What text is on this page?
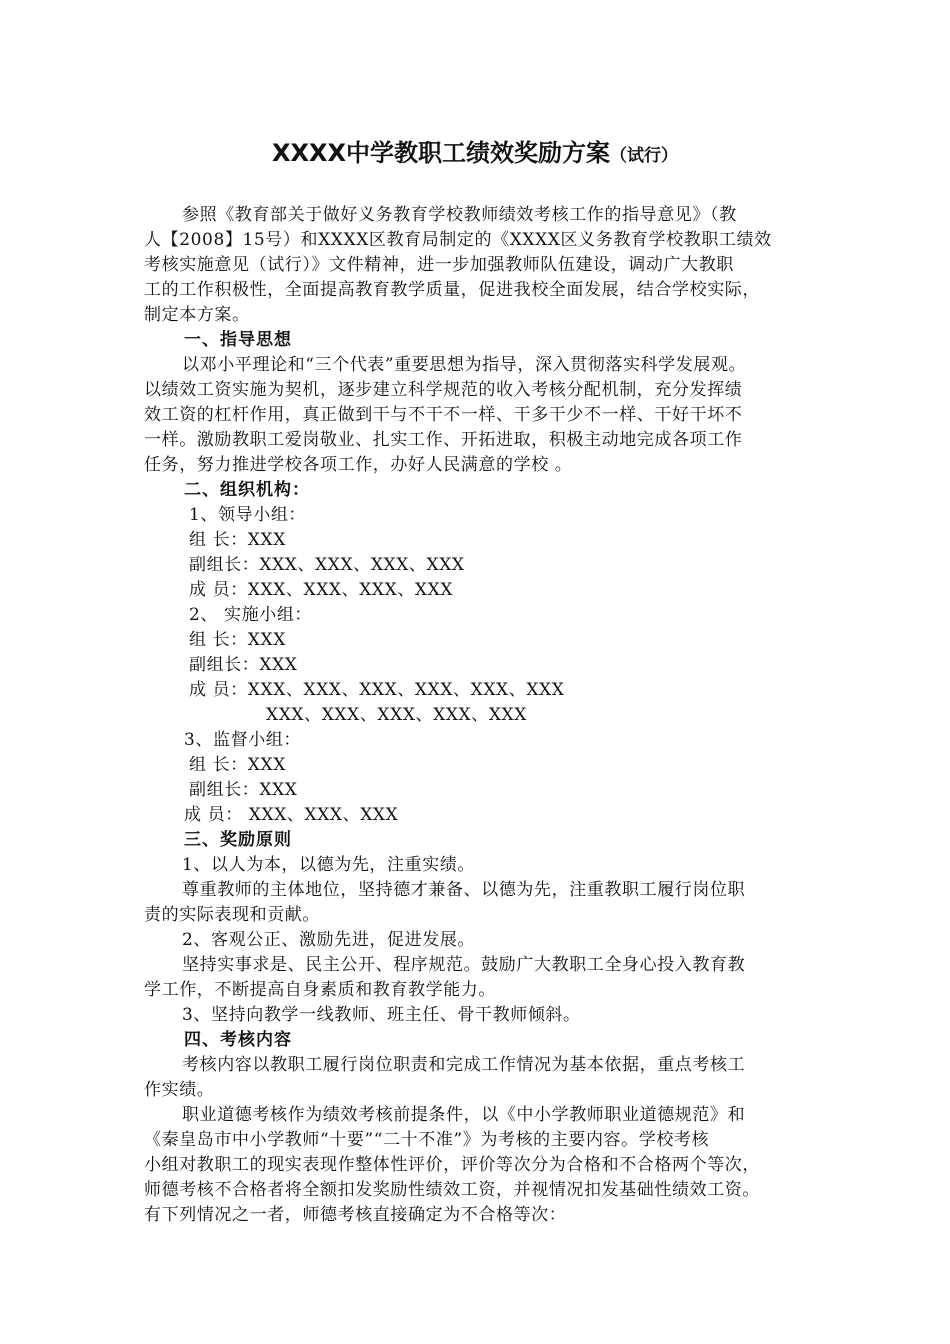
XXXX中学教职工绩效奖励方案（试行）
参照《教育部关于做好义务教育学校教师绩效考核工作的指导意见》（教
人【2008】15号）和XXXX区教育局制定的《XXXX区义务教育学校教职工绩效
考核实施意见（试行）》文件精神，进一步加强教师队伍建设，调动广大教职
工的工作积极性，全面提高教育教学质量，促进我校全面发展，结合学校实际，
制定本方案。
一、指导思想
以邓小平理论和“三个代表”重要思想为指导，深入贯彻落实科学发展观。
以绩效工资实施为契机，逐步建立科学规范的收入考核分配机制，充分发挥绩
效工资的杠杆作用，真正做到干与不干不一样、干多干少不一样、干好干坏不
一样。激励教职工爱岗敬业、扎实工作、开拓进取，积极主动地完成各项工作
任务，努力推进学校各项工作，办好人民满意的学校 。
二、组织机构：
1、领导小组：
组 长：XXX
副组长：XXX、XXX、XXX、XXX
成 员：XXX、XXX、XXX、XXX
2、 实施小组：
组 长：XXX
副组长：XXX
成 员：XXX、XXX、XXX、XXX、XXX、XXX
XXX、XXX、XXX、XXX、XXX
3、监督小组：
组 长：XXX
副组长：XXX
成 员： XXX、XXX、XXX
三、奖励原则
1、以人为本，以德为先，注重实绩。
尊重教师的主体地位，坚持德才兼备、以德为先，注重教职工履行岗位职
责的实际表现和贡献。
2、客观公正、激励先进，促进发展。
坚持实事求是、民主公开、程序规范。鼓励广大教职工全身心投入教育教
学工作，不断提高自身素质和教育教学能力。
3、坚持向教学一线教师、班主任、骨干教师倾斜。
四、考核内容
考核内容以教职工履行岗位职责和完成工作情况为基本依据，重点考核工
作实绩。
职业道德考核作为绩效考核前提条件，以《中小学教师职业道德规范》和
《秦皇岛市中小学教师“十要”“二十不准”》为考核的主要内容。学校考核
小组对教职工的现实表现作整体性评价，评价等次分为合格和不合格两个等次，
师德考核不合格者将全额扣发奖励性绩效工资，并视情况扣发基础性绩效工资。
有下列情况之一者，师德考核直接确定为不合格等次：
